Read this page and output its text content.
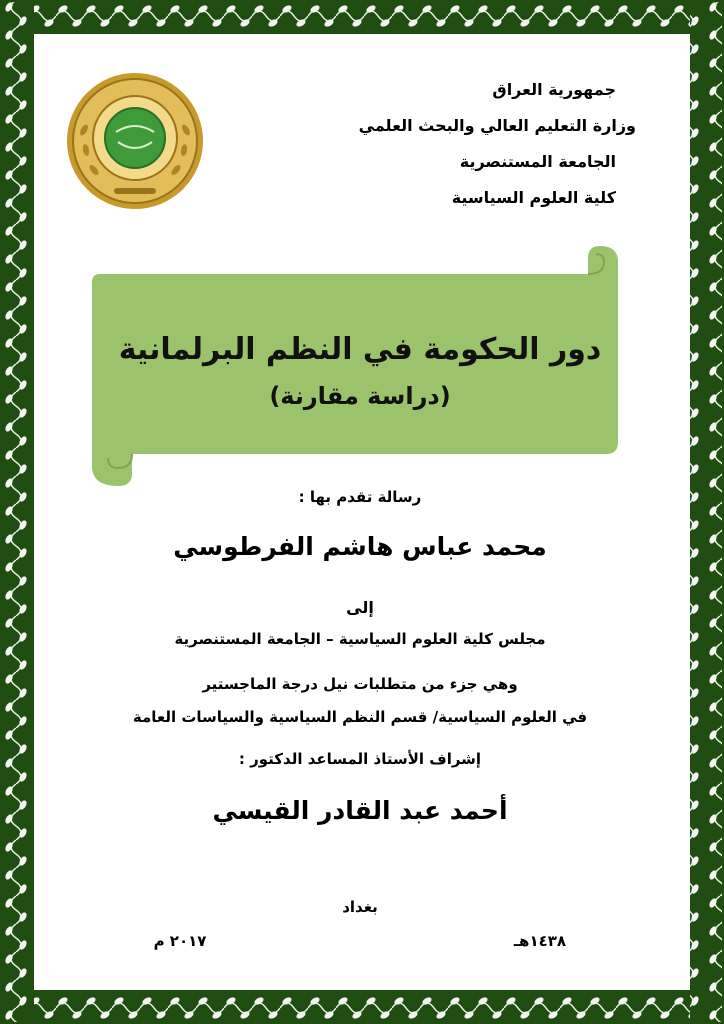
جمهورية العراق
وزارة التعليم العالي والبحث العلمي
الجامعة المستنصرية
كلية العلوم السياسية
دور الحكومة في النظم البرلمانية
(دراسة مقارنة)
رسالة تقدم بها :
محمد عباس هاشم الفرطوسي
إلى
مجلس كلية العلوم السياسية – الجامعة المستنصرية
وهي جزء من متطلبات نيل درجة الماجستير
في العلوم السياسية/ قسم النظم السياسية والسياسات العامة
إشراف الأستاذ المساعد الدكتور :
أحمد عبد القادر القيسي
بغداد
١٤٣٨هـ
٢٠١٧ م
